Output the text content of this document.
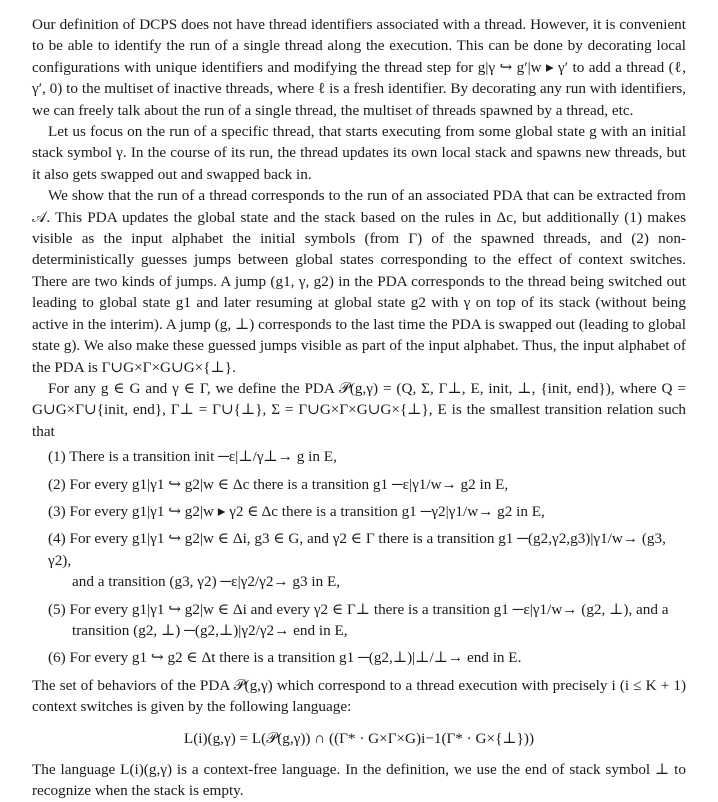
Our definition of DCPS does not have thread identifiers associated with a thread. However, it is convenient to be able to identify the run of a single thread along the execution. This can be done by decorating local configurations with unique identifiers and modifying the thread step for g|γ ↪ g′|w ▸ γ′ to add a thread (ℓ, γ′, 0) to the multiset of inactive threads, where ℓ is a fresh identifier. By decorating any run with identifiers, we can freely talk about the run of a single thread, the multiset of threads spawned by a thread, etc.

Let us focus on the run of a specific thread, that starts executing from some global state g with an initial stack symbol γ. In the course of its run, the thread updates its own local stack and spawns new threads, but it also gets swapped out and swapped back in.

We show that the run of a thread corresponds to the run of an associated PDA that can be extracted from 𝒜. This PDA updates the global state and the stack based on the rules in Δc, but additionally (1) makes visible as the input alphabet the initial symbols (from Γ) of the spawned threads, and (2) non-deterministically guesses jumps between global states corresponding to the effect of context switches. There are two kinds of jumps. A jump (g1, γ, g2) in the PDA corresponds to the thread being switched out leading to global state g1 and later resuming at global state g2 with γ on top of its stack (without being active in the interim). A jump (g, ⊥) corresponds to the last time the PDA is swapped out (leading to global state g). We also make these guessed jumps visible as part of the input alphabet. Thus, the input alphabet of the PDA is Γ∪G×Γ×G∪G×{⊥}.

For any g ∈ G and γ ∈ Γ, we define the PDA 𝒫(g,γ) = (Q, Σ, Γ⊥, E, init, ⊥, {init, end}), where Q = G∪G×Γ∪{init, end}, Γ⊥ = Γ∪{⊥}, Σ = Γ∪G×Γ×G∪G×{⊥}, E is the smallest transition relation such that

(1) There is a transition init ─ε|⊥/γ⊥→ g in E,
(2) For every g1|γ1 ↪ g2|w ∈ Δc there is a transition g1 ─ε|γ1/w→ g2 in E,
(3) For every g1|γ1 ↪ g2|w ▸ γ2 ∈ Δc there is a transition g1 ─γ2|γ1/w→ g2 in E,
(4) For every g1|γ1 ↪ g2|w ∈ Δi, g3 ∈ G, and γ2 ∈ Γ there is a transition g1 ─(g2,γ2,g3)|γ1/w→ (g3, γ2),
and a transition (g3, γ2) ─ε|γ2/γ2→ g3 in E,
(5) For every g1|γ1 ↪ g2|w ∈ Δi and every γ2 ∈ Γ⊥ there is a transition g1 ─ε|γ1/w→ (g2, ⊥), and a
transition (g2, ⊥) ─(g2,⊥)|γ2/γ2→ end in E,
(6) For every g1 ↪ g2 ∈ Δt there is a transition g1 ─(g2,⊥)|⊥/⊥→ end in E.

The set of behaviors of the PDA 𝒫(g,γ) which correspond to a thread execution with precisely i (i ≤ K + 1) context switches is given by the following language:

L(i)(g,γ) = L(𝒫(g,γ)) ∩ ((Γ* · G×Γ×G)i−1(Γ* · G×{⊥}))

The language L(i)(g,γ) is a context-free language. In the definition, we use the end of stack symbol ⊥ to recognize when the stack is empty.
